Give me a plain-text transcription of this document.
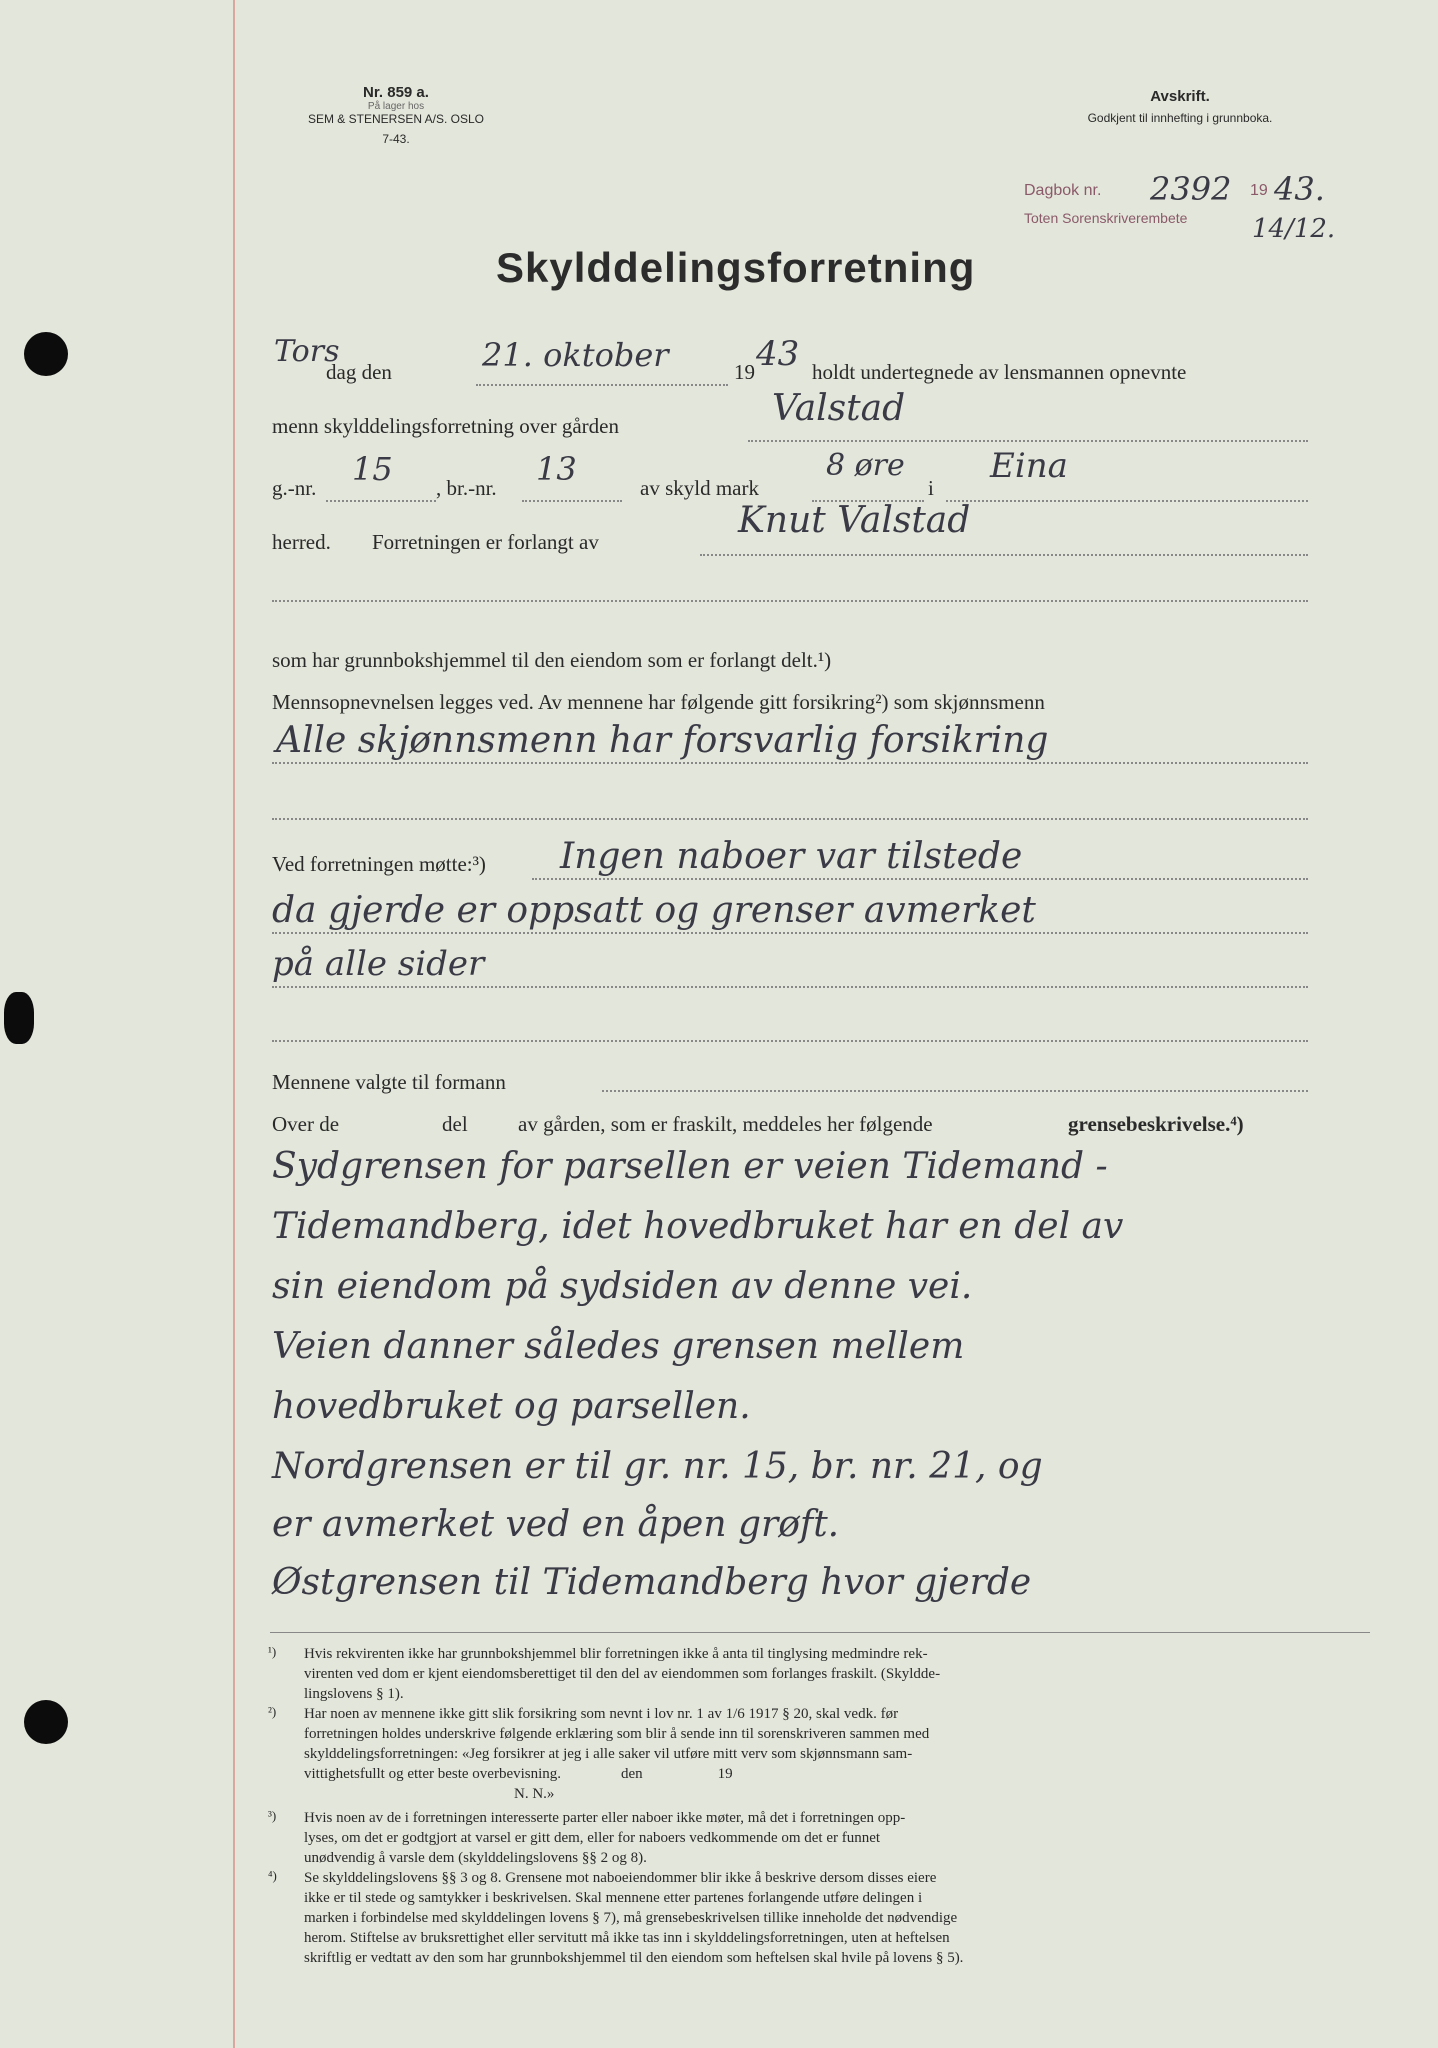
Nr. 859 a.
På lager hos
SEM & STENERSEN A/S. OSLO
7-43.
Avskrift.
Godkjent til innhefting i grunnboka.
Dagbok nr. 2392 19 43.
Toten Sorenskriverembete 14/12.
Skylddelingsforretning
Tors
dag den	21. oktober	19 43 holdt undertegnede av lensmannen opnevnte
menn skylddelingsforretning over gården	Valstad
g.-nr. 15 , br.-nr. 13	av skyld mark
8 øre
i
Eina
herred. Forretningen er forlangt av
Knut Valstad
som har grunnbokshjemmel til den eiendom som er forlangt delt.¹)
Mennsopnevnelsen legges ved. Av mennene har følgende gitt forsikring²) som skjønnsmenn
Alle skjønnsmenn har forsvarlig forsikring
Ved forretningen møtte:³) Ingen naboer var tilstede
da gjerde er oppsatt og grenser avmerket
på alle sider
Mennene valgte til formann
Over de	del av gården, som er fraskilt, meddeles her følgende	grensebeskrivelse.⁴)
Sydgrensen for parsellen er veien Tidemand -
Tidemandberg, idet hovedbruket har en del av
sin eiendom på sydsiden av denne vei.
Veien danner således grensen mellem
hovedbruket og parsellen.
Nordgrensen er til gr. nr. 15, br. nr. 21, og
er avmerket ved en åpen grøft.
Østgrensen til Tidemandberg hvor gjerde
¹) Hvis rekvirenten ikke har grunnbokshjemmel blir forretningen ikke å anta til tinglysing medmindre rek-
virenten ved dom er kjent eiendomsberettiget til den del av eiendommen som forlanges fraskilt. (Skyldde-
lingslovens § 1).
²) Har noen av mennene ikke gitt slik forsikring som nevnt i lov nr. 1 av 1/6 1917 § 20, skal vedk. før
forretningen holdes underskrive følgende erklæring som blir å sende inn til sorenskriveren sammen med
skylddelingsforretningen: «Jeg forsikrer at jeg i alle saker vil utføre mitt verv som skjønnsmann sam-
vittighetsfullt og etter beste overbevisning.                den                    19
N. N.»
³) Hvis noen av de i forretningen interesserte parter eller naboer ikke møter, må det i forretningen opp-
lyses, om det er godtgjort at varsel er gitt dem, eller for naboers vedkommende om det er funnet
unødvendig å varsle dem (skylddelingslovens §§ 2 og 8).
⁴) Se skylddelingslovens §§ 3 og 8. Grensene mot naboeiendommer blir ikke å beskrive dersom disses eiere
ikke er til stede og samtykker i beskrivelsen. Skal mennene etter partenes forlangende utføre delingen i
marken i forbindelse med skylddelingen lovens § 7), må grensebeskrivelsen tillike inneholde det nødvendige
herom. Stiftelse av bruksrettighet eller servitutt må ikke tas inn i skylddelingsforretningen, uten at heftelsen
skriftlig er vedtatt av den som har grunnbokshjemmel til den eiendom som heftelsen skal hvile på lovens § 5).
